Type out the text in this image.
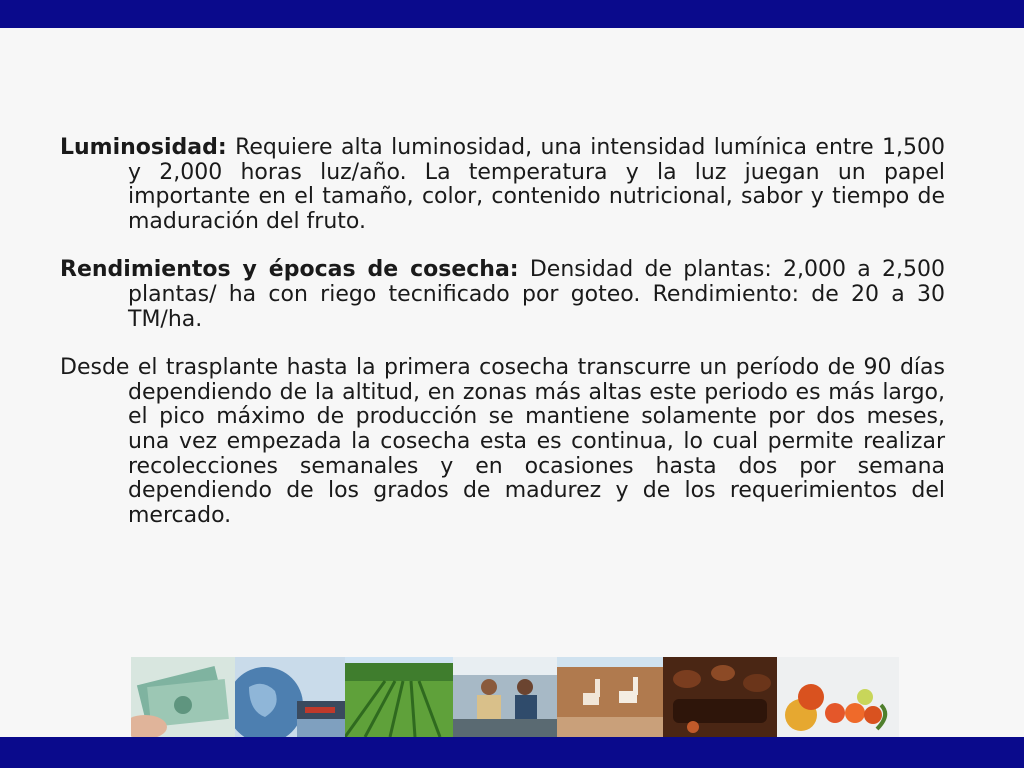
Luminosidad: Requiere alta luminosidad, una intensidad lumínica entre 1,500 y 2,000 horas luz/año. La temperatura y la luz juegan un papel importante en el tamaño, color, contenido nutricional, sabor y tiempo de maduración del fruto.

Rendimientos y épocas de cosecha: Densidad de plantas: 2,000 a 2,500 plantas/ ha con riego tecnificado por goteo. Rendimiento: de 20 a 30 TM/ha.

Desde el trasplante hasta la primera cosecha transcurre un período de 90 días dependiendo de la altitud, en zonas más altas este periodo es más largo, el pico máximo de producción se mantiene solamente por dos meses, una vez empezada la cosecha esta es continua, lo cual permite realizar recolecciones semanales y en ocasiones hasta dos por semana dependiendo de los grados de madurez y de los requerimientos del mercado.
